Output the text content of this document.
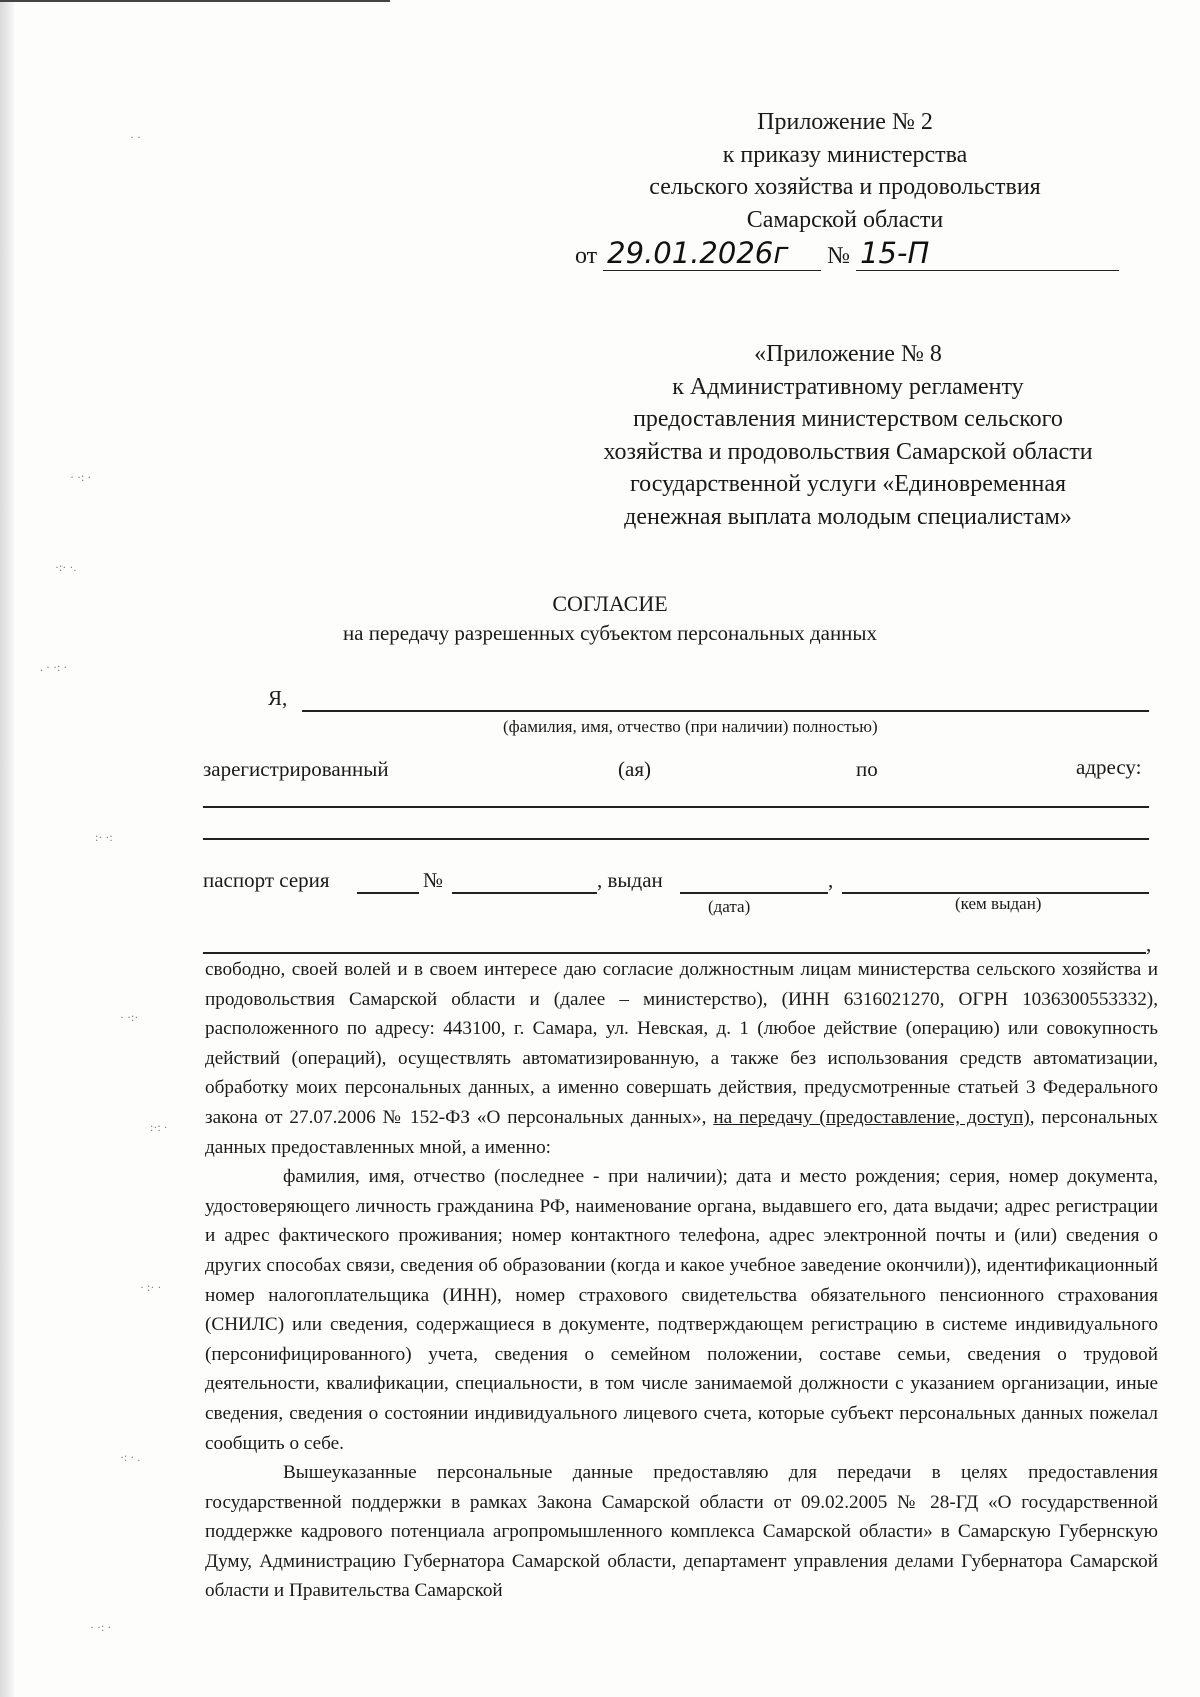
Приложение № 2
к приказу министерства
сельского хозяйства и продовольствия
Самарской области
от 29.01.2026г № 15-П
«Приложение № 8
к Административному регламенту
предоставления министерством сельского
хозяйства и продовольствия Самарской области
государственной услуги «Единовременная
денежная выплата молодым специалистам»
СОГЛАСИЕ
на передачу разрешенных субъектом персональных данных
Я,
(фамилия, имя, отчество (при наличии) полностью)
зарегистрированный	(ая)	по	адресу:
паспорт серия	№	, выдан	,
(дата)	(кем выдан)
,

свободно, своей волей и в своем интересе даю согласие должностным лицам министерства сельского хозяйства и продовольствия Самарской области и (далее – министерство), (ИНН 6316021270, ОГРН 1036300553332), расположенного по адресу: 443100, г. Самара, ул. Невская, д. 1 (любое действие (операцию) или совокупность действий (операций), осуществлять автоматизированную, а также без использования средств автоматизации, обработку моих персональных данных, а именно совершать действия, предусмотренные статьей 3 Федерального закона от 27.07.2006 № 152-ФЗ «О персональных данных», на передачу (предоставление, доступ), персональных данных предоставленных мной, а именно:

фамилия, имя, отчество (последнее - при наличии); дата и место рождения; серия, номер документа, удостоверяющего личность гражданина РФ, наименование органа, выдавшего его, дата выдачи; адрес регистрации и адрес фактического проживания; номер контактного телефона, адрес электронной почты и (или) сведения о других способах связи, сведения об образовании (когда и какое учебное заведение окончили)), идентификационный номер налогоплательщика (ИНН), номер страхового свидетельства обязательного пенсионного страхования (СНИЛС) или сведения, содержащиеся в документе, подтверждающем регистрацию в системе индивидуального (персонифицированного) учета, сведения о семейном положении, составе семьи, сведения о трудовой деятельности, квалификации, специальности, в том числе занимаемой должности с указанием организации, иные сведения, сведения о состоянии индивидуального лицевого счета, которые субъект персональных данных пожелал сообщить о себе.

Вышеуказанные персональные данные предоставляю для передачи в целях предоставления государственной поддержки в рамках Закона Самарской области от 09.02.2005 № 28-ГД «О государственной поддержке кадрового потенциала агропромышленного комплекса Самарской области» в Самарскую Губернскую Думу, Администрацию Губернатора Самарской области, департамент управления делами Губернатора Самарской области и Правительства Самарской

· ·
· ·: ·
·:· ·.
. · ·: ·
:· ·:
· ·:·
:·: ·
· :· ·
·: · .
· ·: ·
